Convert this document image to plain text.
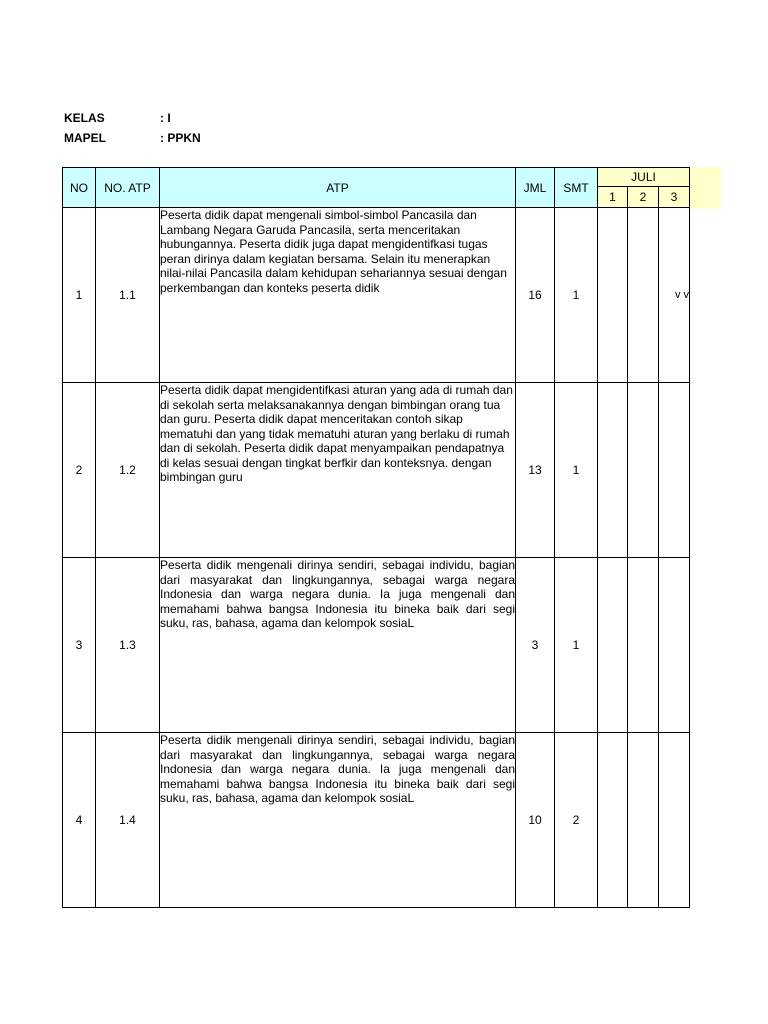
KELAS	: I
MAPEL	: PPKN
NO	NO. ATP	ATP	JML	SMT	JULI		
					1	2	3
1	1.1	Peserta didik dapat mengenali simbol-simbol Pancasila dan Lambang Negara Garuda Pancasila, serta menceritakan hubungannya. Peserta didik juga dapat mengidentifkasi tugas peran dirinya dalam kegiatan bersama. Selain itu menerapkan nilai-nilai Pancasila dalam kehidupan sehariannya sesuai dengan perkembangan dan konteks peserta didik	16	1			v v
2	1.2	Peserta didik dapat mengidentifkasi aturan yang ada di rumah dan di sekolah serta melaksanakannya dengan bimbingan orang tua dan guru. Peserta didik dapat menceritakan contoh sikap mematuhi dan yang tidak mematuhi aturan yang berlaku di rumah dan di sekolah. Peserta didik dapat menyampaikan pendapatnya di kelas sesuai dengan tingkat berfkir dan konteksnya. dengan bimbingan guru	13	1			
3	1.3	Peserta didik mengenali dirinya sendiri, sebagai individu, bagian dari masyarakat dan lingkungannya, sebagai warga negara Indonesia dan warga negara dunia. Ia juga mengenali dan memahami bahwa bangsa Indonesia itu bineka baik dari segi suku, ras, bahasa, agama dan kelompok sosiaL	3	1			
4	1.4	Peserta didik mengenali dirinya sendiri, sebagai individu, bagian dari masyarakat dan lingkungannya, sebagai warga negara Indonesia dan warga negara dunia. Ia juga mengenali dan memahami bahwa bangsa Indonesia itu bineka baik dari segi suku, ras, bahasa, agama dan kelompok sosiaL	10	2			
